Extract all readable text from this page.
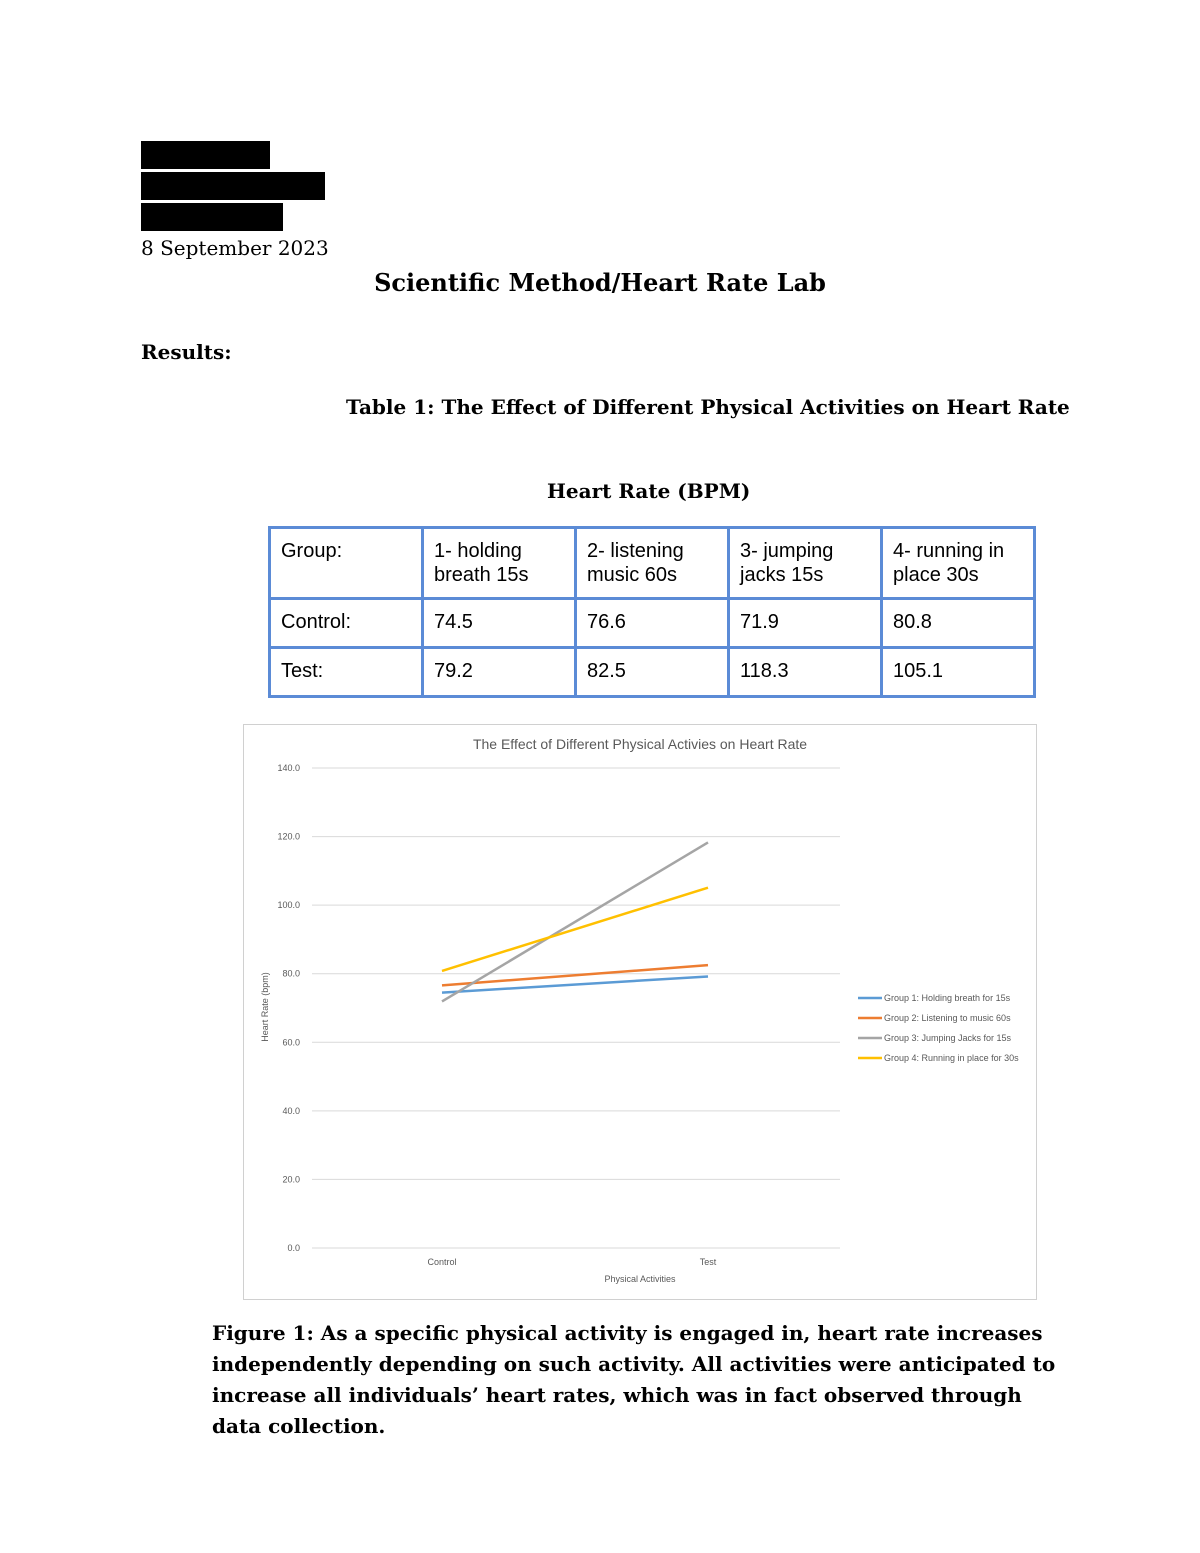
8 September 2023
Scientific Method/Heart Rate Lab
Results:
Table 1: The Effect of Different Physical Activities on Heart Rate
Heart Rate (BPM)
Group:	1- holding breath 15s	2- listening music 60s	3- jumping jacks 15s	4- running in place 30s
Control:	74.5	76.6	71.9	80.8
Test:	79.2	82.5	118.3	105.1
The Effect of Different Physical Activies on Heart Rate
0.0
20.0
40.0
60.0
80.0
100.0
120.0
140.0
Control	Test
Group 1: Holding breath for 15s
Group 2: Listening to music 60s
Group 3: Jumping Jacks for 15s
Group 4: Running in place for 30s
Physical Activities
Heart Rate (bpm)
Figure 1: As a specific physical activity is engaged in, heart rate increases independently depending on such activity. All activities were anticipated to increase all individuals’ heart rates, which was in fact observed through data collection.
